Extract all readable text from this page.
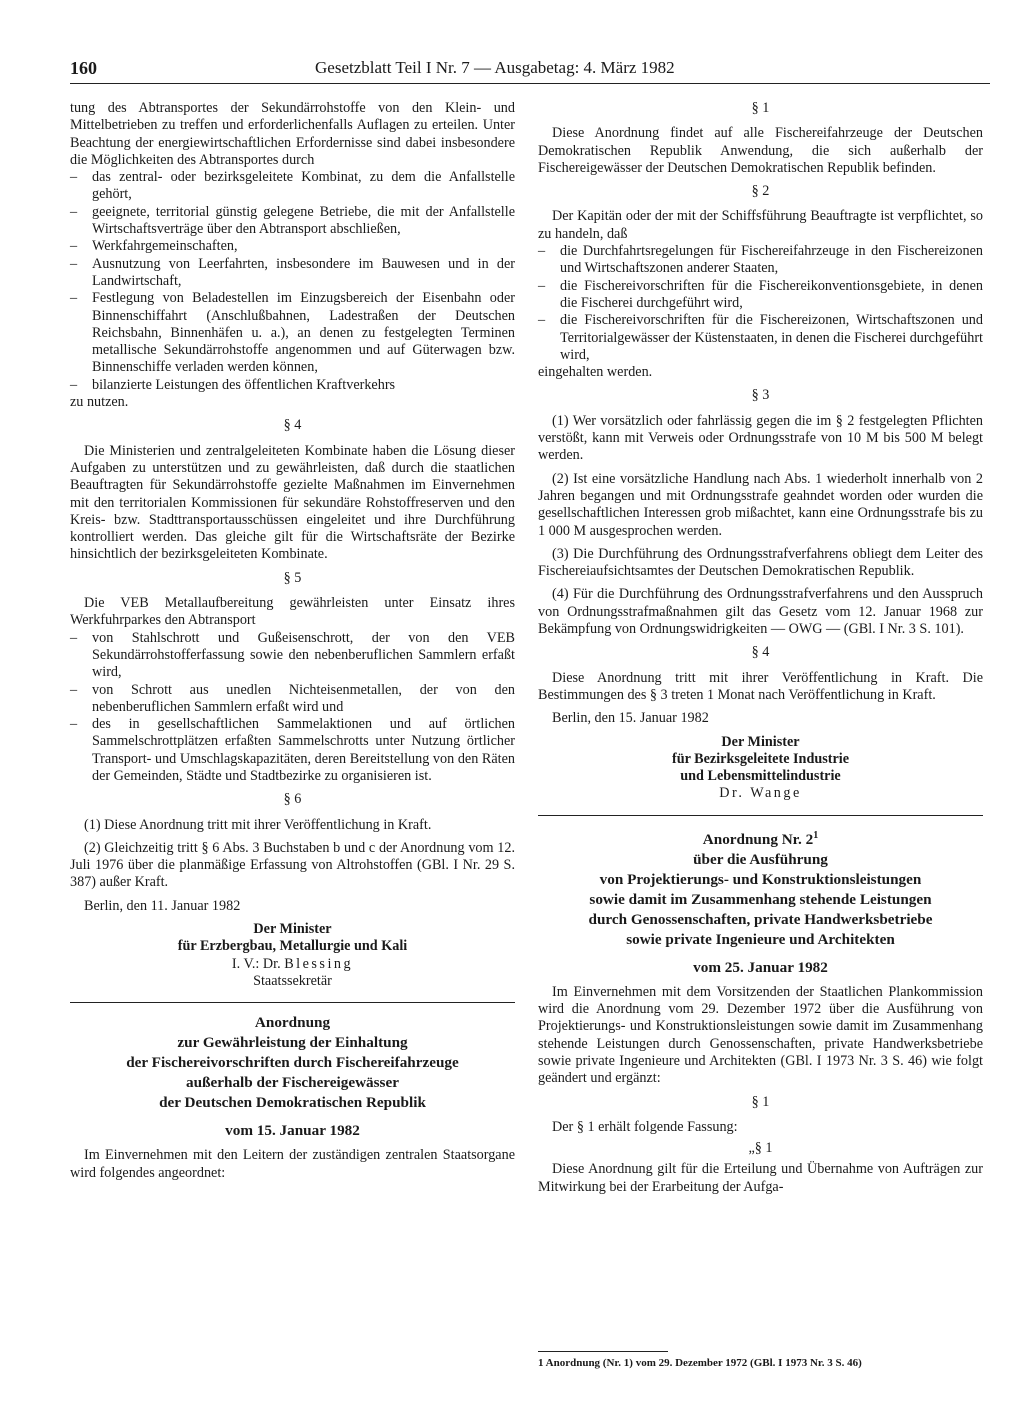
160	Gesetzblatt Teil I Nr. 7 — Ausgabetag: 4. März 1982

tung des Abtransportes der Sekundärrohstoffe von den Klein- und Mittelbetrieben zu treffen und erforderlichenfalls Auflagen zu erteilen. Unter Beachtung der energiewirtschaftlichen Erfordernisse sind dabei insbesondere die Möglichkeiten des Abtransportes durch

– das zentral- oder bezirksgeleitete Kombinat, zu dem die Anfallstelle gehört,
– geeignete, territorial günstig gelegene Betriebe, die mit der Anfallstelle Wirtschaftsverträge über den Abtransport abschließen,
– Werkfahrgemeinschaften,
– Ausnutzung von Leerfahrten, insbesondere im Bauwesen und in der Landwirtschaft,
– Festlegung von Beladestellen im Einzugsbereich der Eisenbahn oder Binnenschiffahrt (Anschlußbahnen, Ladestraßen der Deutschen Reichsbahn, Binnenhäfen u. a.), an denen zu festgelegten Terminen metallische Sekundärrohstoffe angenommen und auf Güterwagen bzw. Binnenschiffe verladen werden können,
– bilanzierte Leistungen des öffentlichen Kraftverkehrs

zu nutzen.

§ 4

Die Ministerien und zentralgeleiteten Kombinate haben die Lösung dieser Aufgaben zu unterstützen und zu gewährleisten, daß durch die staatlichen Beauftragten für Sekundärrohstoffe gezielte Maßnahmen im Einvernehmen mit den territorialen Kommissionen für sekundäre Rohstoffreserven und den Kreis- bzw. Stadttransportausschüssen eingeleitet und ihre Durchführung kontrolliert werden. Das gleiche gilt für die Wirtschaftsräte der Bezirke hinsichtlich der bezirksgeleiteten Kombinate.

§ 5

Die VEB Metallaufbereitung gewährleisten unter Einsatz ihres Werkfuhrparkes den Abtransport

– von Stahlschrott und Gußeisenschrott, der von den VEB Sekundärrohstofferfassung sowie den nebenberuflichen Sammlern erfaßt wird,
– von Schrott aus unedlen Nichteisenmetallen, der von den nebenberuflichen Sammlern erfaßt wird und
– des in gesellschaftlichen Sammelaktionen und auf örtlichen Sammelschrottplätzen erfaßten Sammelschrotts unter Nutzung örtlicher Transport- und Umschlagskapazitäten, deren Bereitstellung von den Räten der Gemeinden, Städte und Stadtbezirke zu organisieren ist.

§ 6

(1) Diese Anordnung tritt mit ihrer Veröffentlichung in Kraft.

(2) Gleichzeitig tritt § 6 Abs. 3 Buchstaben b und c der Anordnung vom 12. Juli 1976 über die planmäßige Erfassung von Altrohstoffen (GBl. I Nr. 29 S. 387) außer Kraft.

Berlin, den 11. Januar 1982

Der Minister
für Erzbergbau, Metallurgie und Kali
I. V.: Dr. Blessing
Staatssekretär
Anordnung
zur Gewährleistung der Einhaltung
der Fischereivorschriften durch Fischereifahrzeuge
außerhalb der Fischereigewässer
der Deutschen Demokratischen Republik
vom 15. Januar 1982

Im Einvernehmen mit den Leitern der zuständigen zentralen Staatsorgane wird folgendes angeordnet:

§ 1

Diese Anordnung findet auf alle Fischereifahrzeuge der Deutschen Demokratischen Republik Anwendung, die sich außerhalb der Fischereigewässer der Deutschen Demokratischen Republik befinden.

§ 2

Der Kapitän oder der mit der Schiffsführung Beauftragte ist verpflichtet, so zu handeln, daß

– die Durchfahrtsregelungen für Fischereifahrzeuge in den Fischereizonen und Wirtschaftszonen anderer Staaten,
– die Fischereivorschriften für die Fischereikonventionsgebiete, in denen die Fischerei durchgeführt wird,
– die Fischereivorschriften für die Fischereizonen, Wirtschaftszonen und Territorialgewässer der Küstenstaaten, in denen die Fischerei durchgeführt wird,

eingehalten werden.

§ 3

(1) Wer vorsätzlich oder fahrlässig gegen die im § 2 festgelegten Pflichten verstößt, kann mit Verweis oder Ordnungsstrafe von 10 M bis 500 M belegt werden.

(2) Ist eine vorsätzliche Handlung nach Abs. 1 wiederholt innerhalb von 2 Jahren begangen und mit Ordnungsstrafe geahndet worden oder wurden die gesellschaftlichen Interessen grob mißachtet, kann eine Ordnungsstrafe bis zu 1 000 M ausgesprochen werden.

(3) Die Durchführung des Ordnungsstrafverfahrens obliegt dem Leiter des Fischereiaufsichtsamtes der Deutschen Demokratischen Republik.

(4) Für die Durchführung des Ordnungsstrafverfahrens und den Ausspruch von Ordnungsstrafmaßnahmen gilt das Gesetz vom 12. Januar 1968 zur Bekämpfung von Ordnungswidrigkeiten — OWG — (GBl. I Nr. 3 S. 101).

§ 4

Diese Anordnung tritt mit ihrer Veröffentlichung in Kraft. Die Bestimmungen des § 3 treten 1 Monat nach Veröffentlichung in Kraft.

Berlin, den 15. Januar 1982

Der Minister
für Bezirksgeleitete Industrie
und Lebensmittelindustrie
Dr. Wange
Anordnung Nr. $2^1$
über die Ausführung
von Projektierungs- und Konstruktionsleistungen
sowie damit im Zusammenhang stehende Leistungen
durch Genossenschaften, private Handwerksbetriebe
sowie private Ingenieure und Architekten
vom 25. Januar 1982

Im Einvernehmen mit dem Vorsitzenden der Staatlichen Plankommission wird die Anordnung vom 29. Dezember 1972 über die Ausführung von Projektierungs- und Konstruktionsleistungen sowie damit im Zusammenhang stehende Leistungen durch Genossenschaften, private Handwerksbetriebe sowie private Ingenieure und Architekten (GBl. I 1973 Nr. 3 S. 46) wie folgt geändert und ergänzt:

§ 1

Der § 1 erhält folgende Fassung:

„§ 1

Diese Anordnung gilt für die Erteilung und Übernahme von Aufträgen zur Mitwirkung bei der Erarbeitung der Aufga-

1 Anordnung (Nr. 1) vom 29. Dezember 1972 (GBl. I 1973 Nr. 3 S. 46)
